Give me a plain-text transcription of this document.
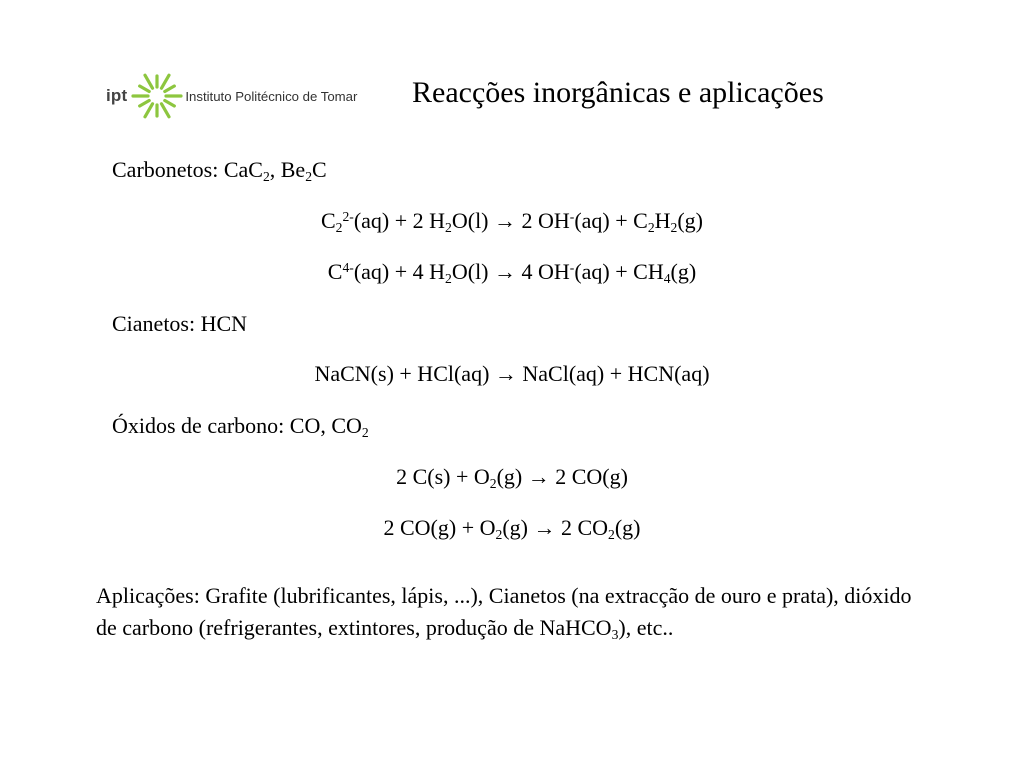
ipt	Instituto Politécnico de Tomar Reacções inorgânicas e aplicações
Carbonetos: CaC$_2$, $Be_2C$
$C_2^{2-}(aq) + 2$ $H_2O(l) \to 2$ $OH^-(aq) + C_2H_2(g)$
$C^{4-}(aq) + 4$ $H_2O(l) \to 4$ $OH^-(aq) + CH_4(g)$
Cianetos: HCN
NaCN(s) + HCl(aq) → NaCl(aq) + HCN(aq)
Óxidos de carbono: CO, $CO_2$
2 $C(s) + O_2(g) \to 2$ CO(g)
2 $CO(g) + O_2(g) \to 2$ $CO_2(g)$
Aplicações: Grafite (lubrificantes, lápis, ...), Cianetos (na extracção de ouro e prata), dióxido de carbono (refrigerantes, extintores, produção de NaHCO$_3$), etc..
